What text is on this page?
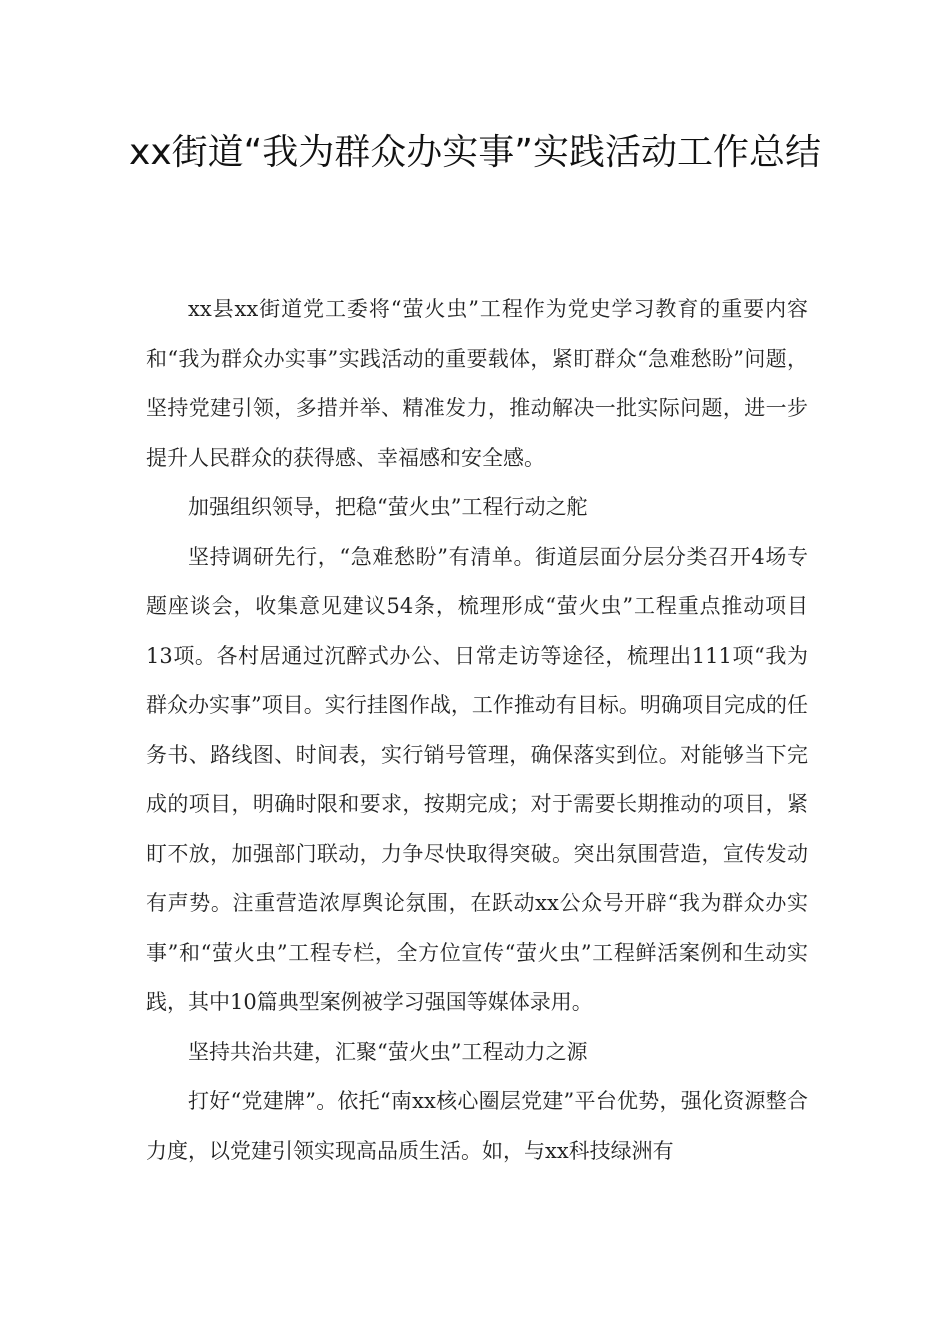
xx街道“我为群众办实事”实践活动工作总结

xx县xx街道党工委将“萤火虫”工程作为党史学习教育的重要内容和“我为群众办实事”实践活动的重要载体，紧盯群众“急难愁盼”问题，坚持党建引领，多措并举、精准发力，推动解决一批实际问题，进一步提升人民群众的获得感、幸福感和安全感。

加强组织领导，把稳“萤火虫”工程行动之舵

坚持调研先行，“急难愁盼”有清单。街道层面分层分类召开4场专题座谈会，收集意见建议54条，梳理形成“萤火虫”工程重点推动项目13项。各村居通过沉醉式办公、日常走访等途径，梳理出111项“我为群众办实事”项目。实行挂图作战，工作推动有目标。明确项目完成的任务书、路线图、时间表，实行销号管理，确保落实到位。对能够当下完成的项目，明确时限和要求，按期完成；对于需要长期推动的项目，紧盯不放，加强部门联动，力争尽快取得突破。突出氛围营造，宣传发动有声势。注重营造浓厚舆论氛围，在跃动xx公众号开辟“我为群众办实事”和“萤火虫”工程专栏，全方位宣传“萤火虫”工程鲜活案例和生动实践，其中10篇典型案例被学习强国等媒体录用。

坚持共治共建，汇聚“萤火虫”工程动力之源

打好“党建牌”。依托“南xx核心圈层党建”平台优势，强化资源整合力度，以党建引领实现高品质生活。如，与xx科技绿洲有
